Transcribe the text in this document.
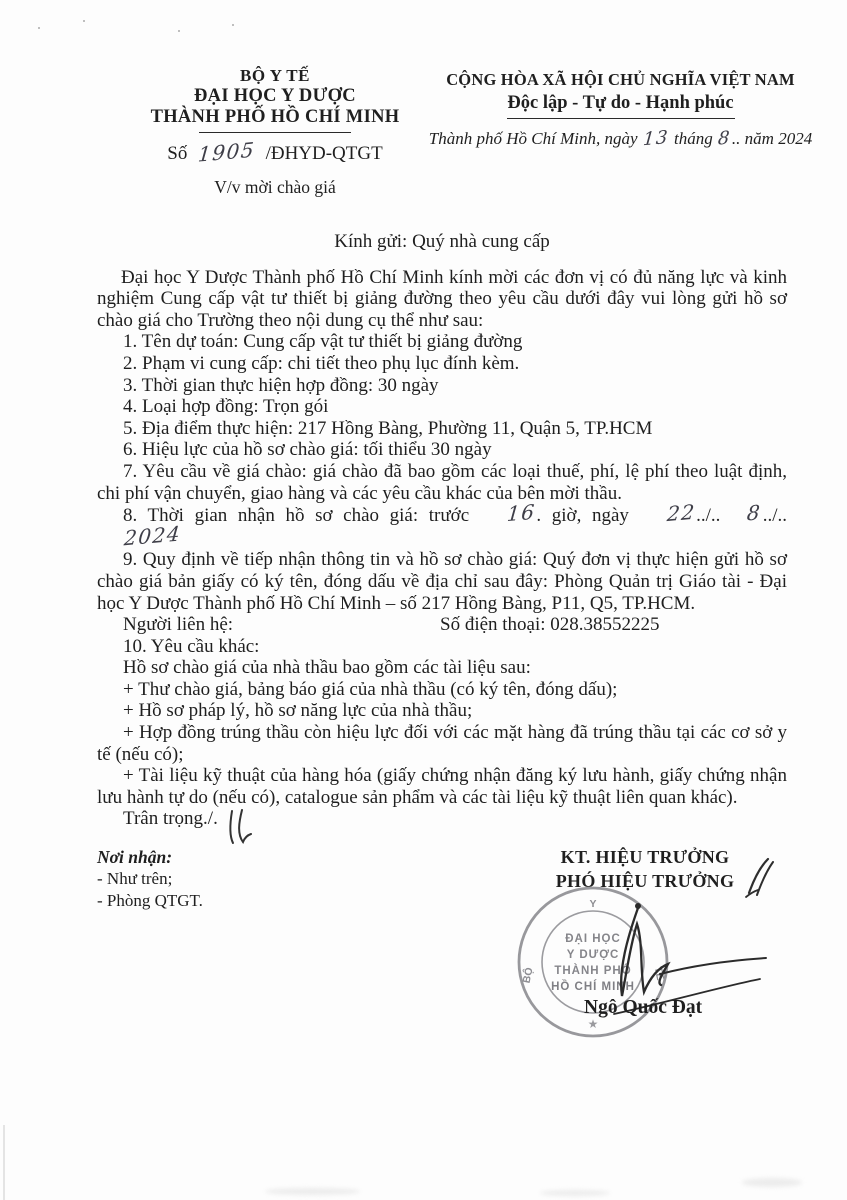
BỘ Y TẾ
ĐẠI HỌC Y DƯỢC
THÀNH PHỐ HỒ CHÍ MINH
Số 1905 /ĐHYD-QTGT
V/v mời chào giá
CỘNG HÒA XÃ HỘI CHỦ NGHĨA VIỆT NAM
Độc lập - Tự do - Hạnh phúc
Thành phố Hồ Chí Minh, ngày 13 tháng 8.. năm 2024

Kính gửi: Quý nhà cung cấp

Đại học Y Dược Thành phố Hồ Chí Minh kính mời các đơn vị có đủ năng lực và kinh nghiệm Cung cấp vật tư thiết bị giảng đường theo yêu cầu dưới đây vui lòng gửi hồ sơ chào giá cho Trường theo nội dung cụ thể như sau:

1. Tên dự toán: Cung cấp vật tư thiết bị giảng đường

2. Phạm vi cung cấp: chi tiết theo phụ lục đính kèm.

3. Thời gian thực hiện hợp đồng: 30 ngày

4. Loại hợp đồng: Trọn gói

5. Địa điểm thực hiện: 217 Hồng Bàng, Phường 11, Quận 5, TP.HCM

6. Hiệu lực của hồ sơ chào giá: tối thiểu 30 ngày

7. Yêu cầu về giá chào: giá chào đã bao gồm các loại thuế, phí, lệ phí theo luật định, chi phí vận chuyển, giao hàng và các yêu cầu khác của bên mời thầu.

8. Thời gian nhận hồ sơ chào giá: trước 16. giờ, ngày 22../.. 8../..2024

9. Quy định về tiếp nhận thông tin và hồ sơ chào giá: Quý đơn vị thực hiện gửi hồ sơ chào giá bản giấy có ký tên, đóng dấu về địa chỉ sau đây: Phòng Quản trị Giáo tài - Đại học Y Dược Thành phố Hồ Chí Minh – số 217 Hồng Bàng, P11, Q5, TP.HCM.

Người liên hệ:	Số điện thoại: 028.38552225

10. Yêu cầu khác:

Hồ sơ chào giá của nhà thầu bao gồm các tài liệu sau:

+ Thư chào giá, bảng báo giá của nhà thầu (có ký tên, đóng dấu);

+ Hồ sơ pháp lý, hồ sơ năng lực của nhà thầu;

+ Hợp đồng trúng thầu còn hiệu lực đối với các mặt hàng đã trúng thầu tại các cơ sở y tế (nếu có);

+ Tài liệu kỹ thuật của hàng hóa (giấy chứng nhận đăng ký lưu hành, giấy chứng nhận lưu hành tự do (nếu có), catalogue sản phẩm và các tài liệu kỹ thuật liên quan khác).

Trân trọng./.

Nơi nhận:
- Như trên;
- Phòng QTGT.
KT. HIỆU TRƯỞNG
PHÓ HIỆU TRƯỞNG
Y
BỘ	TẾ
ĐẠI HỌC
Y DƯỢC
THÀNH PHỐ
HỒ CHÍ MINH
★
Ngô Quốc Đạt
